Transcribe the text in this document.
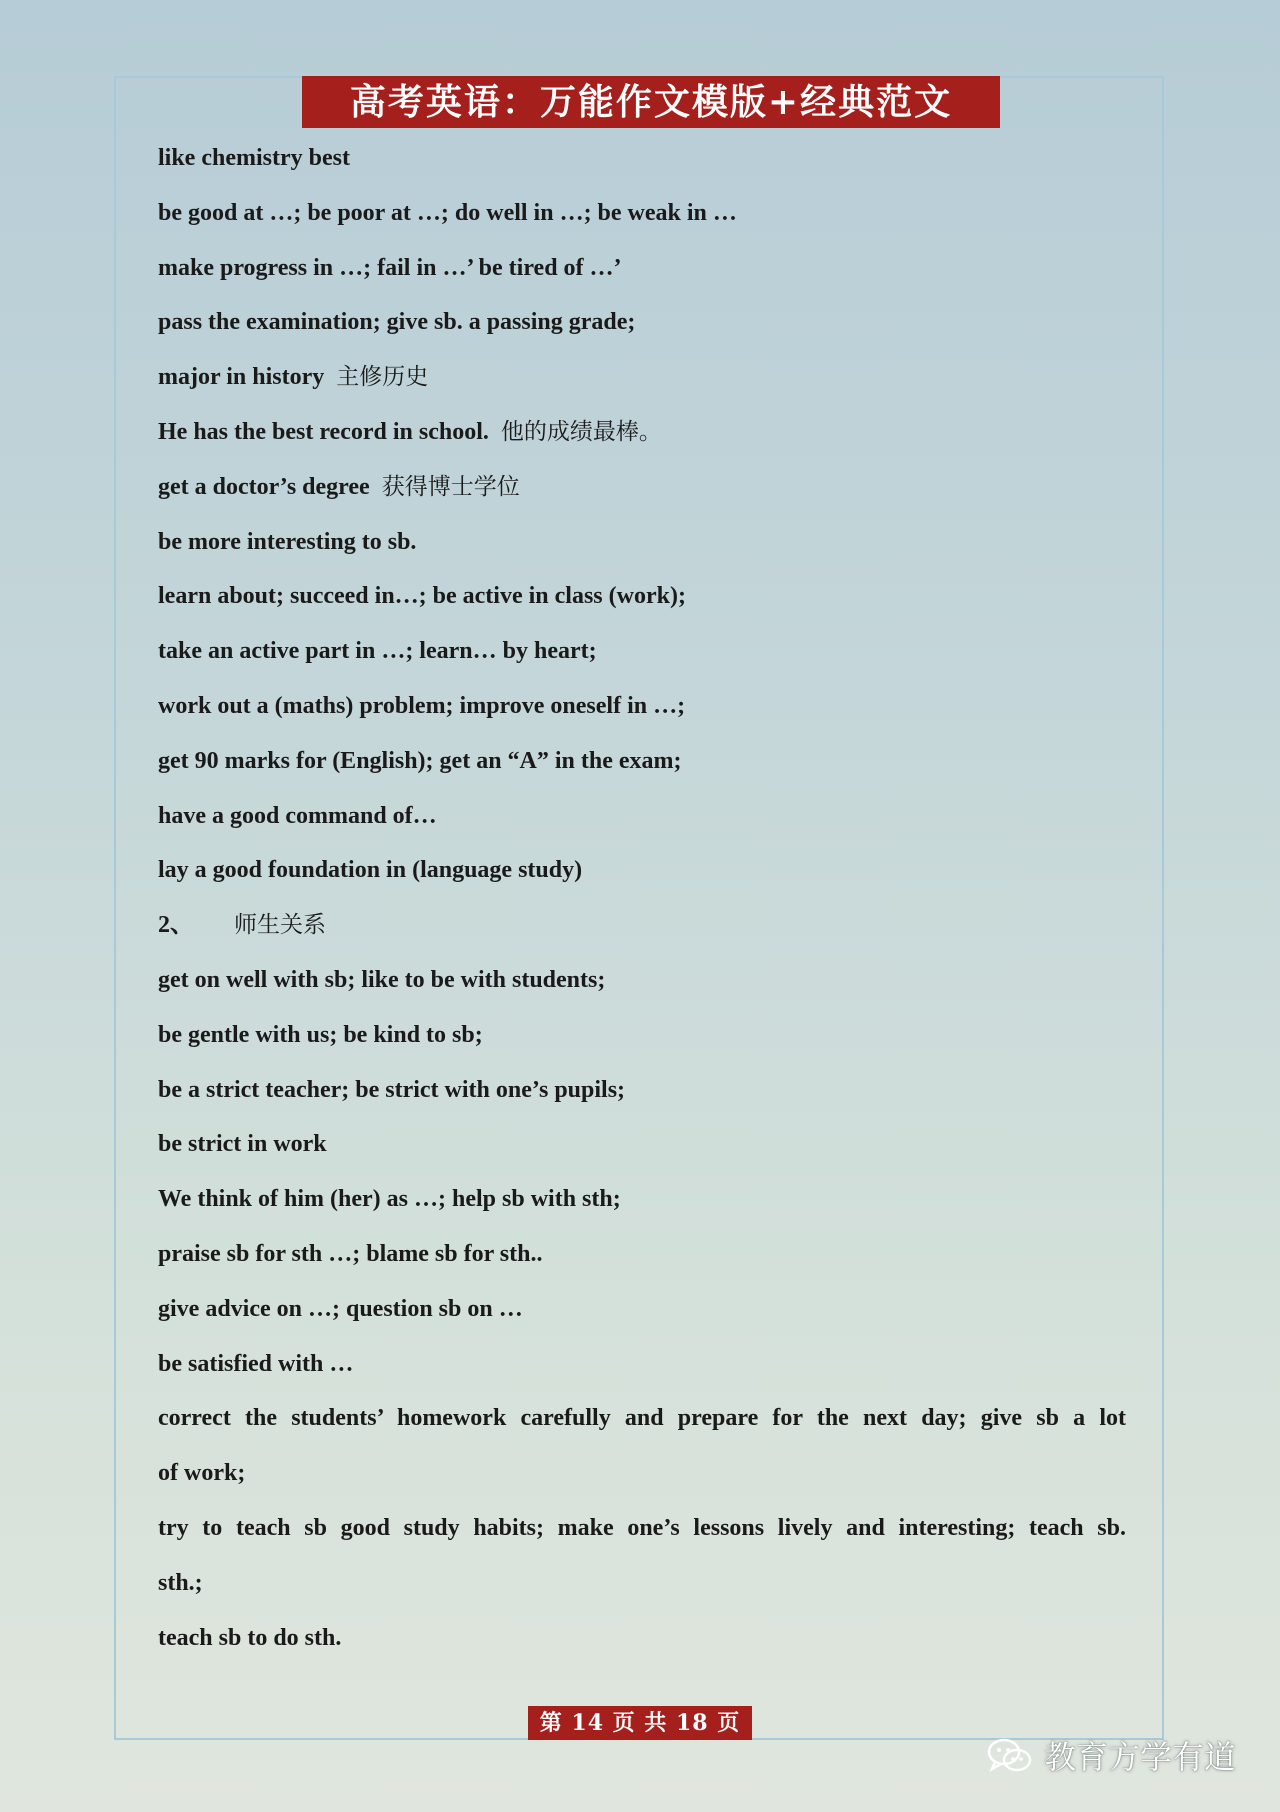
高考英语：万能作文模版+经典范文
like chemistry best
be good at …; be poor at …; do well in …; be weak in …
make progress in …; fail in …’ be tired of …’
pass the examination; give sb. a passing grade;
major in history 主修历史
He has the best record in school. 他的成绩最棒。
get a doctor’s degree 获得博士学位
be more interesting to sb.
learn about; succeed in…; be active in class (work);
take an active part in …; learn… by heart;
work out a (maths) problem; improve oneself in …;
get 90 marks for (English); get an “A” in the exam;
have a good command of…
lay a good foundation in (language study)
2、 师生关系
get on well with sb; like to be with students;
be gentle with us; be kind to sb;
be a strict teacher; be strict with one’s pupils;
be strict in work
We think of him (her) as …; help sb with sth;
praise sb for sth …; blame sb for sth..
give advice on …; question sb on …
be satisfied with …
correct the students’ homework carefully and prepare for the next day; give sb a lot
of work;
try to teach sb good study habits; make one’s lessons lively and interesting; teach sb.
sth.;
teach sb to do sth.
第 14 页 共 18 页
教育方学有道
